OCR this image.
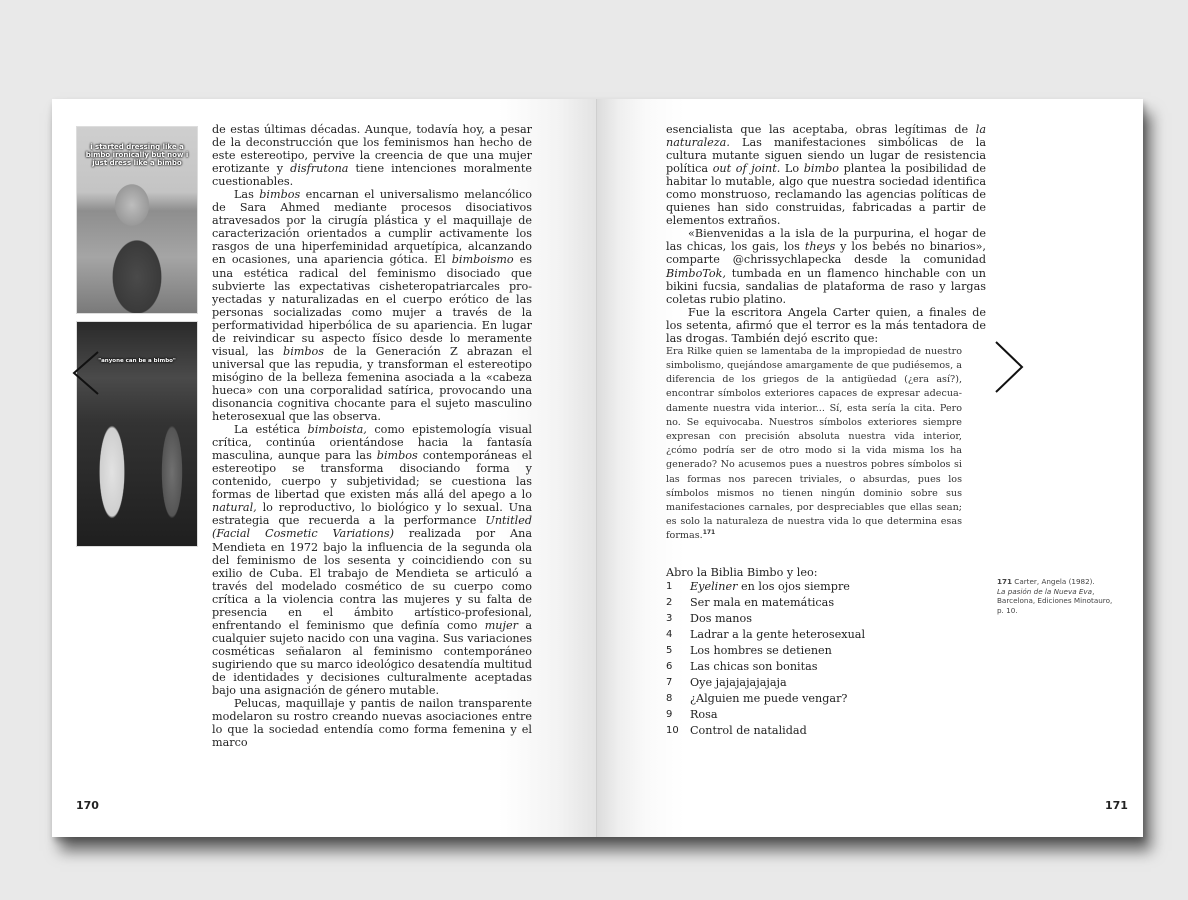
i started dressing like a bimbo ironically but now i just dress like a bimbo
"anyone can be a bimbo"

de estas últimas décadas. Aunque, todavía hoy, a pesar de la deconstrucción que los feminismos han hecho de este estereotipo, pervive la creencia de que una mujer erotizante y disfrutona tiene intenciones moralmente cuestionables.

Las bimbos encarnan el universalismo melancólico de Sara Ahmed mediante procesos disociativos atravesados por la cirugía plástica y el maquillaje de caracterización orientados a cumplir activamente los rasgos de una hiperfeminidad arquetípica, alcanzando en ocasiones, una apariencia gótica. El bimboismo es una estética radical del feminismo disociado que subvierte las expectativas cisheteropatriarcales proyectadas y naturalizadas en el cuerpo erótico de las personas socializadas como mujer a través de la performatividad hiperbólica de su apariencia. En lugar de reivindicar su aspecto físico desde lo meramente visual, las bimbos de la Generación Z abrazan el universal que las repudia, y transforman el estereotipo misógino de la belleza femenina asociada a la «cabeza hueca» con una corporalidad satírica, provocando una disonancia cognitiva chocante para el sujeto masculino heterosexual que las observa.

La estética bimboista, como epistemología visual crítica, continúa orientándose hacia la fantasía masculina, aunque para las bimbos contemporáneas el estereotipo se transforma disociando forma y contenido, cuerpo y subjetividad; se cuestiona las formas de libertad que existen más allá del apego a lo natural, lo reproductivo, lo biológico y lo sexual. Una estrategia que recuerda a la performance Untitled (Facial Cosmetic Variations) realizada por Ana Mendieta en 1972 bajo la influencia de la segunda ola del feminismo de los sesenta y coincidiendo con su exilio de Cuba. El trabajo de Mendieta se articuló a través del modelado cosmético de su cuerpo como crítica a la violencia contra las mujeres y su falta de presencia en el ámbito artístico-profesional, enfrentando el feminismo que definía como mujer a cualquier sujeto nacido con una vagina. Sus variaciones cosméticas señalaron al feminismo contemporáneo sugiriendo que su marco ideológico desatendía multitud de identidades y decisiones culturalmente aceptadas bajo una asignación de género mutable.

Pelucas, maquillaje y pantis de nailon transparente modelaron su rostro creando nuevas asociaciones entre lo que la sociedad entendía como forma femenina y el marco

170

esencialista que las aceptaba, obras legítimas de la naturaleza. Las manifestaciones simbólicas de la cultura mutante siguen siendo un lugar de resistencia política out of joint. Lo bimbo plantea la posibilidad de habitar lo mutable, algo que nuestra sociedad identifica como monstruoso, reclamando las agencias políticas de quienes han sido construidas, fabricadas a partir de elementos extraños.

«Bienvenidas a la isla de la purpurina, el hogar de las chicas, los gais, los theys y los bebés no binarios», comparte @chrissychlapecka desde la comunidad BimboTok, tumbada en un flamenco hinchable con un bikini fucsia, sandalias de plataforma de raso y largas coletas rubio platino.

Fue la escritora Angela Carter quien, a finales de los setenta, afirmó que el terror es la más tentadora de las drogas. También dejó escrito que:

Era Rilke quien se lamentaba de la impropiedad de nuestro simbolismo, quejándose amargamente de que pudiésemos, a diferencia de los griegos de la antigüedad (¿era así?), encontrar símbolos exteriores capaces de expresar adecuadamente nuestra vida interior... Sí, esta sería la cita. Pero no. Se equivocaba. Nuestros símbolos exteriores siempre expresan con precisión absoluta nuestra vida interior, ¿cómo podría ser de otro modo si la vida misma los ha generado? No acusemos pues a nuestros pobres símbolos si las formas nos parecen triviales, o absurdas, pues los símbolos mismos no tienen ningún dominio sobre sus manifestaciones carnales, por despreciables que ellas sean; es solo la naturaleza de nuestra vida lo que determina esas formas.$^{171}$

Abro la Biblia Bimbo y leo:

1	Eyeliner en los ojos siempre
2	Ser mala en matemáticas
3	Dos manos
4	Ladrar a la gente heterosexual
5	Los hombres se detienen
6	Las chicas son bonitas
7	Oye jajajajajajaja
8	¿Alguien me puede vengar?
9	Rosa
10	Control de natalidad
171 Carter, Angela (1982).
La pasión de la Nueva Eva, Barcelona, Ediciones Minotauro, p. 10.
171
